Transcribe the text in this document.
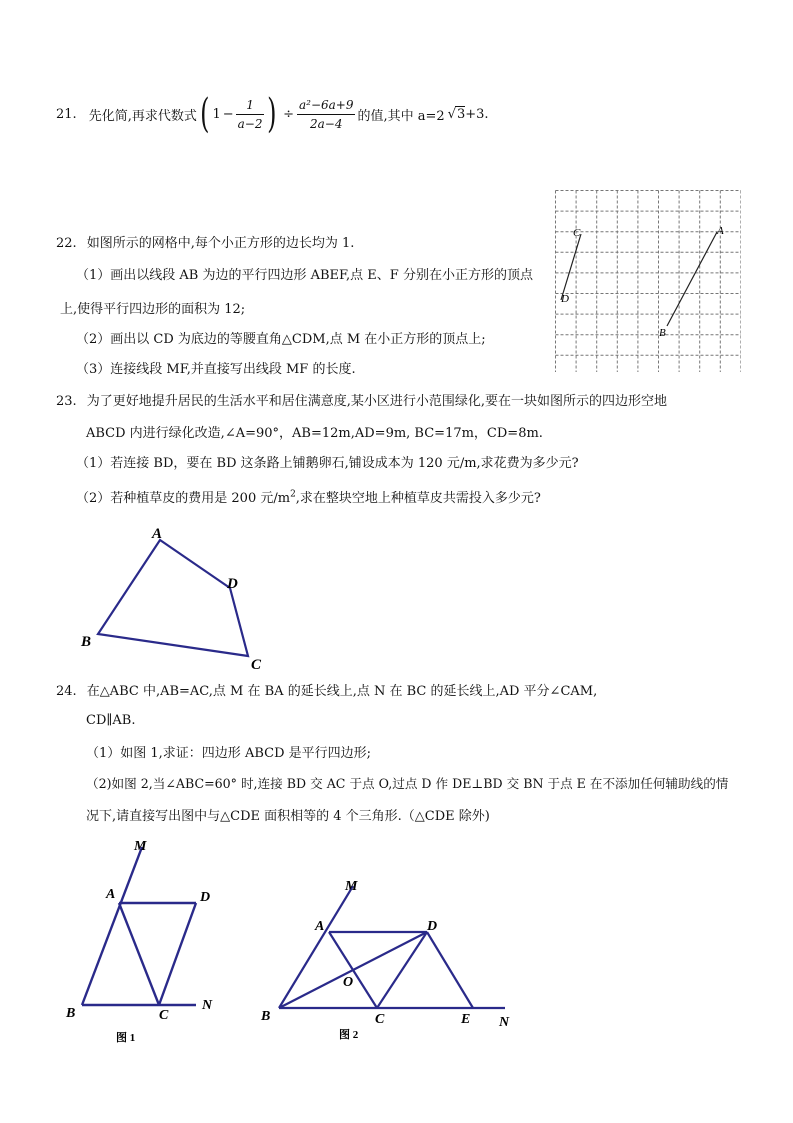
21. 先化简,再求代数式 ( $1 - \frac{1}{a-2}$ ) ÷ $\frac{\text{a²−6a+9}}{2a-4}$ 的值,其中 a=2 √ 3 +3.
22. 如图所示的网格中,每个小正方形的边长均为 1.
（1）画出以线段 AB 为边的平行四边形 ABEF,点 E、F 分别在小正方形的顶点
上,使得平行四边形的面积为 12;
（2）画出以 CD 为底边的等腰直角△CDM,点 M 在小正方形的顶点上;
（3）连接线段 MF,并直接写出线段 MF 的长度.
C	A
D
B
23. 为了更好地提升居民的生活水平和居住满意度,某小区进行小范围绿化,要在一块如图所示的四边形空地
ABCD 内进行绿化改造,∠A=90°，AB=12m,AD=9m, BC=17m，CD=8m.
（1）若连接 BD，要在 BD 这条路上铺鹅卵石,铺设成本为 120 元/m,求花费为多少元?
（2）若种植草皮的费用是 200 元$/m^2$,求在整块空地上种植草皮共需投入多少元?
A
D
B
C
24. 在△ABC 中,AB=AC,点 M 在 BA 的延长线上,点 N 在 BC 的延长线上,AD 平分∠CAM,
CD∥AB.
（1）如图 1,求证：四边形 ABCD 是平行四边形;
（2)如图 2,当∠ABC=60° 时,连接 BD 交 AC 于点 O,过点 D 作 DE⊥BD 交 BN 于点 E 在不添加任何辅助线的情
况下,请直接写出图中与△CDE 面积相等的 4 个三角形.（△CDE 除外)
M
A	D
B	C
N
图 1
M
A	D
O
B	C	E N
图 2
